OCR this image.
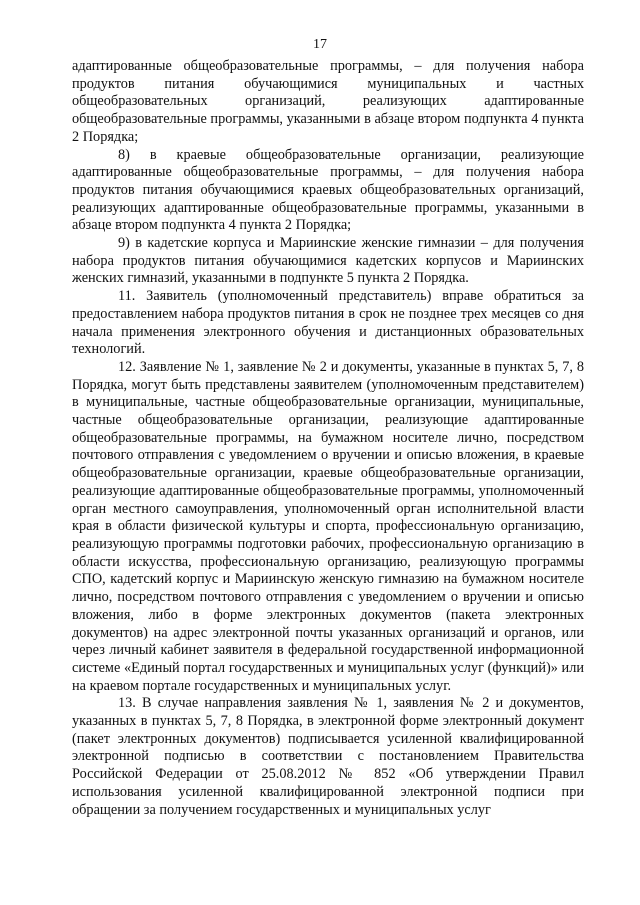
17

адаптированные общеобразовательные программы, – для получения набора продуктов питания обучающимися муниципальных и частных общеобразовательных организаций, реализующих адаптированные общеобразовательные программы, указанными в абзаце втором подпункта 4 пункта 2 Порядка;

8) в краевые общеобразовательные организации, реализующие адаптированные общеобразовательные программы, – для получения набора продуктов питания обучающимися краевых общеобразовательных организаций, реализующих адаптированные общеобразовательные программы, указанными в абзаце втором подпункта 4 пункта 2 Порядка;

9) в кадетские корпуса и Мариинские женские гимназии – для получения набора продуктов питания обучающимися кадетских корпусов и Мариинских женских гимназий, указанными в подпункте 5 пункта 2 Порядка.

11. Заявитель (уполномоченный представитель) вправе обратиться за предоставлением набора продуктов питания в срок не позднее трех месяцев со дня начала применения электронного обучения и дистанционных образовательных технологий.

12. Заявление № 1, заявление № 2 и документы, указанные в пунктах 5, 7, 8 Порядка, могут быть представлены заявителем (уполномоченным представителем) в муниципальные, частные общеобразовательные организации, муниципальные, частные общеобразовательные организации, реализующие адаптированные общеобразовательные программы, на бумажном носителе лично, посредством почтового отправления с уведомлением о вручении и описью вложения, в краевые общеобразовательные организации, краевые общеобразовательные организации, реализующие адаптированные общеобразовательные программы, уполномоченный орган местного самоуправления, уполномоченный орган исполнительной власти края в области физической культуры и спорта, профессиональную организацию, реализующую программы подготовки рабочих, профессиональную организацию в области искусства, профессиональную организацию, реализующую программы СПО, кадетский корпус и Мариинскую женскую гимназию на бумажном носителе лично, посредством почтового отправления с уведомлением о вручении и описью вложения, либо в форме электронных документов (пакета электронных документов) на адрес электронной почты указанных организаций и органов, или через личный кабинет заявителя в федеральной государственной информационной системе «Единый портал государственных и муниципальных услуг (функций)» или на краевом портале государственных и муниципальных услуг.

13. В случае направления заявления № 1, заявления № 2 и документов, указанных в пунктах 5, 7, 8 Порядка, в электронной форме электронный документ (пакет электронных документов) подписывается усиленной квалифицированной электронной подписью в соответствии с постановлением Правительства Российской Федерации от 25.08.2012 № 852 «Об утверждении Правил использования усиленной квалифицированной электронной подписи при обращении за получением государственных и муниципальных услуг
